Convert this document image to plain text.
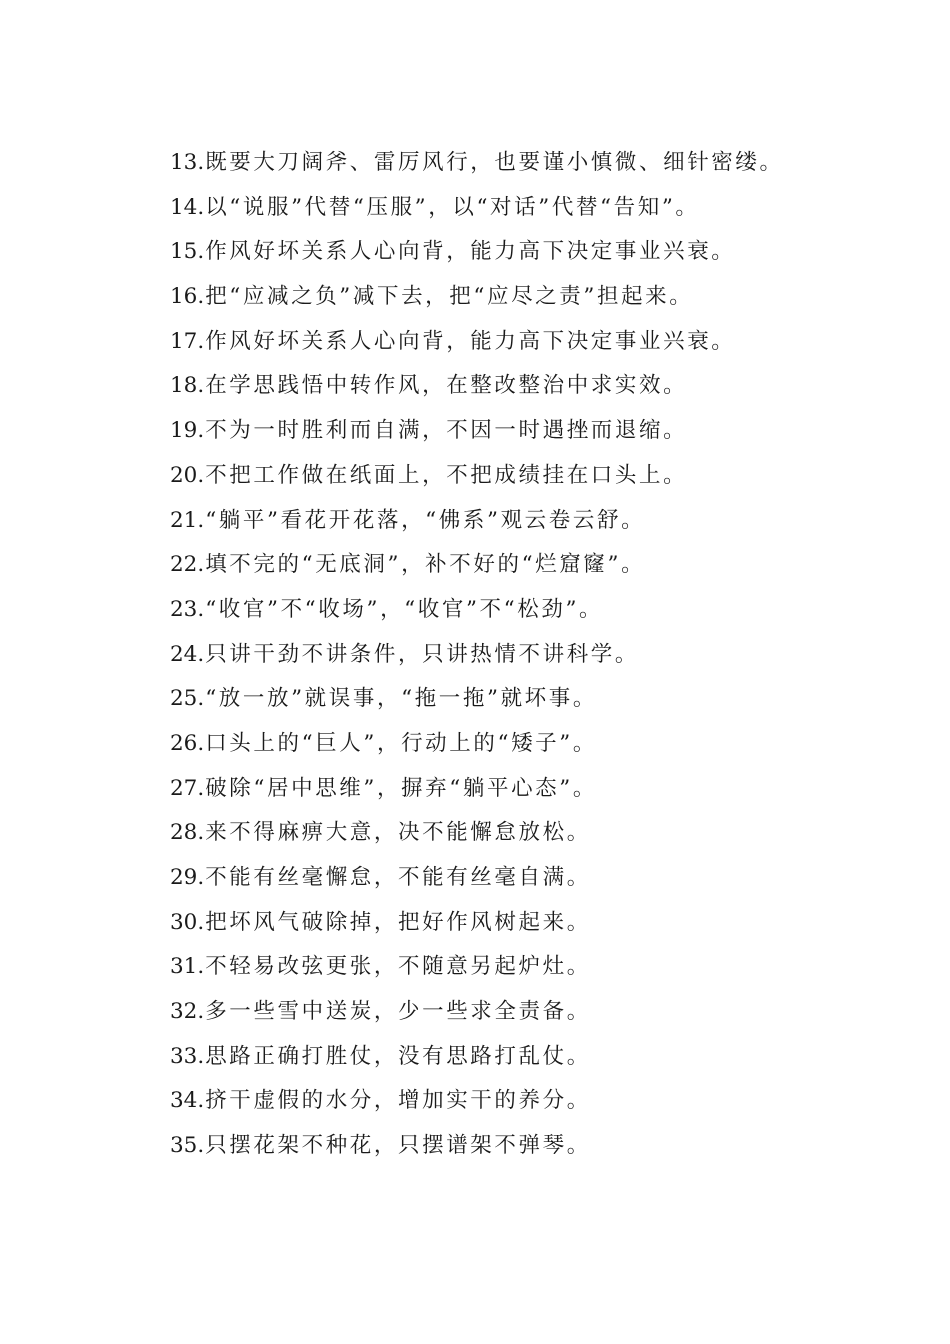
13.既要大刀阔斧、雷厉风行，也要谨小慎微、细针密缕。
14.以“说服”代替“压服”，以“对话”代替“告知”。
15.作风好坏关系人心向背，能力高下决定事业兴衰。
16.把“应减之负”减下去，把“应尽之责”担起来。
17.作风好坏关系人心向背，能力高下决定事业兴衰。
18.在学思践悟中转作风，在整改整治中求实效。
19.不为一时胜利而自满，不因一时遇挫而退缩。
20.不把工作做在纸面上，不把成绩挂在口头上。
21.“躺平”看花开花落，“佛系”观云卷云舒。
22.填不完的“无底洞”，补不好的“烂窟窿”。
23.“收官”不“收场”，“收官”不“松劲”。
24.只讲干劲不讲条件，只讲热情不讲科学。
25.“放一放”就误事，“拖一拖”就坏事。
26.口头上的“巨人”，行动上的“矮子”。
27.破除“居中思维”，摒弃“躺平心态”。
28.来不得麻痹大意，决不能懈怠放松。
29.不能有丝毫懈怠，不能有丝毫自满。
30.把坏风气破除掉，把好作风树起来。
31.不轻易改弦更张，不随意另起炉灶。
32.多一些雪中送炭，少一些求全责备。
33.思路正确打胜仗，没有思路打乱仗。
34.挤干虚假的水分，增加实干的养分。
35.只摆花架不种花，只摆谱架不弹琴。
